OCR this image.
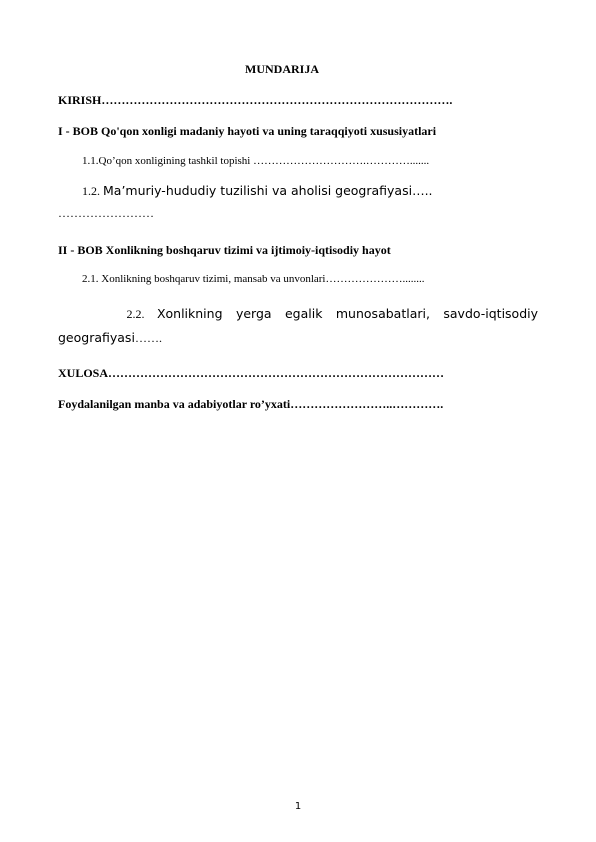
MUNDARIJA
KIRISH…………………………………………………………………………….
I - BOB Qo'qon xonligi madaniy hayoti va uning taraqqiyoti xususiyatlari
1.1.Qo’qon xonligining tashkil topishi ………………………….………….......
1.2. Ma’muriy-hududiy tuzilishi va aholisi geografiyasi…..
……………………
II - BOB Xonlikning boshqaruv tizimi va ijtimoiy-iqtisodiy hayot
2.1. Xonlikning boshqaruv tizimi, mansab va unvonlari…………………........
2.2. Xonlikning yerga egalik munosabatlari, savdo-iqtisodiy
geografiyasi…….
XULOSA…………………………………………………………………………
Foydalanilgan manba va adabiyotlar ro’yxati……………………..………….
1
